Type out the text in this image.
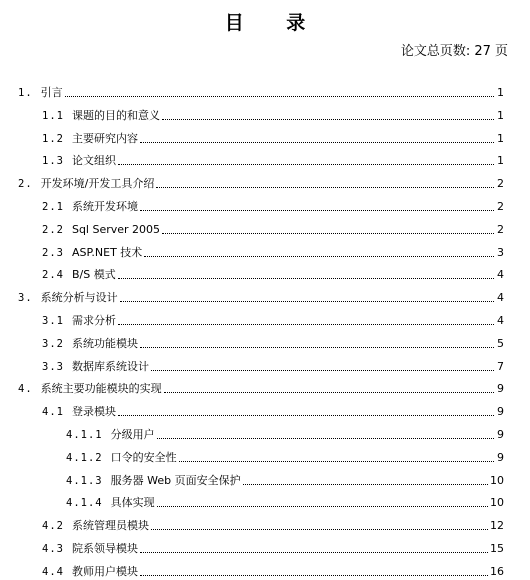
目 录
论文总页数: 27 页
1. 引言	1
1.1 课题的目的和意义	1
1.2 主要研究内容	1
1.3 论文组织	1
2. 开发环境/开发工具介绍	2
2.1 系统开发环境	2
2.2 Sql Server 2005	2
2.3 ASP.NET 技术	3
2.4 B/S 模式	4
3. 系统分析与设计	4
3.1 需求分析	4
3.2 系统功能模块	5
3.3 数据库系统设计	7
4. 系统主要功能模块的实现	9
4.1 登录模块	9
4.1.1 分级用户	9
4.1.2 口令的安全性	9
4.1.3 服务器 Web 页面安全保护	10
4.1.4 具体实现	10
4.2 系统管理员模块	12
4.3 院系领导模块	15
4.4 教师用户模块	16
